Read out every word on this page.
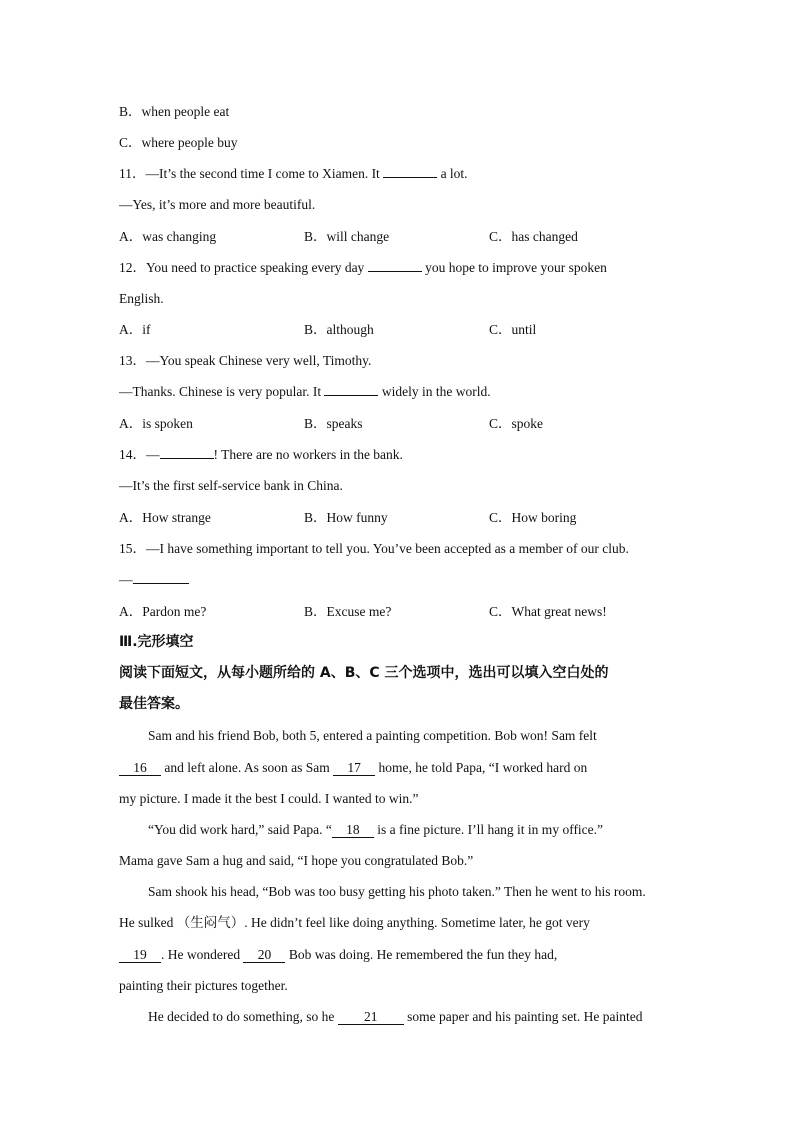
B．when people eat
C．where people buy
11．—It’s the second time I come to Xiamen. It	a lot.
—Yes, it’s more and more beautiful.
A．was changing	B．will change	C．has changed
12．You need to practice speaking every day	you hope to improve your spoken
English.
A．if	B．although	C．until
13．—You speak Chinese very well, Timothy.
—Thanks. Chinese is very popular. It	widely in the world.
A．is spoken	B．speaks	C．spoke
14．—	! There are no workers in the bank.
—It’s the first self-service bank in China.
A．How strange	B．How funny	C．How boring
15．—I have something important to tell you. You’ve been accepted as a member of our club.
—
A．Pardon me?	B．Excuse me?	C．What great news!
Ⅲ.完形填空
阅读下面短文，从每小题所给的 A、B、C 三个选项中，选出可以填入空白处的
最佳答案。
Sam and his friend Bob, both 5, entered a painting competition. Bob won! Sam felt
16 and left alone. As soon as Sam 17 home, he told Papa, “I worked hard on
my picture. I made it the best I could. I wanted to win.”
“You did work hard,” said Papa. “ 18 is a fine picture. I’ll hang it in my office.”
Mama gave Sam a hug and said, “I hope you congratulated Bob.”
Sam shook his head, “Bob was too busy getting his photo taken.” Then he went to his room.
He sulked （生闷气）. He didn’t feel like doing anything. Sometime later, he got very
19 . He wondered 20 Bob was doing. He remembered the fun they had,
painting their pictures together.
He decided to do something, so he 21 some paper and his painting set. He painted
